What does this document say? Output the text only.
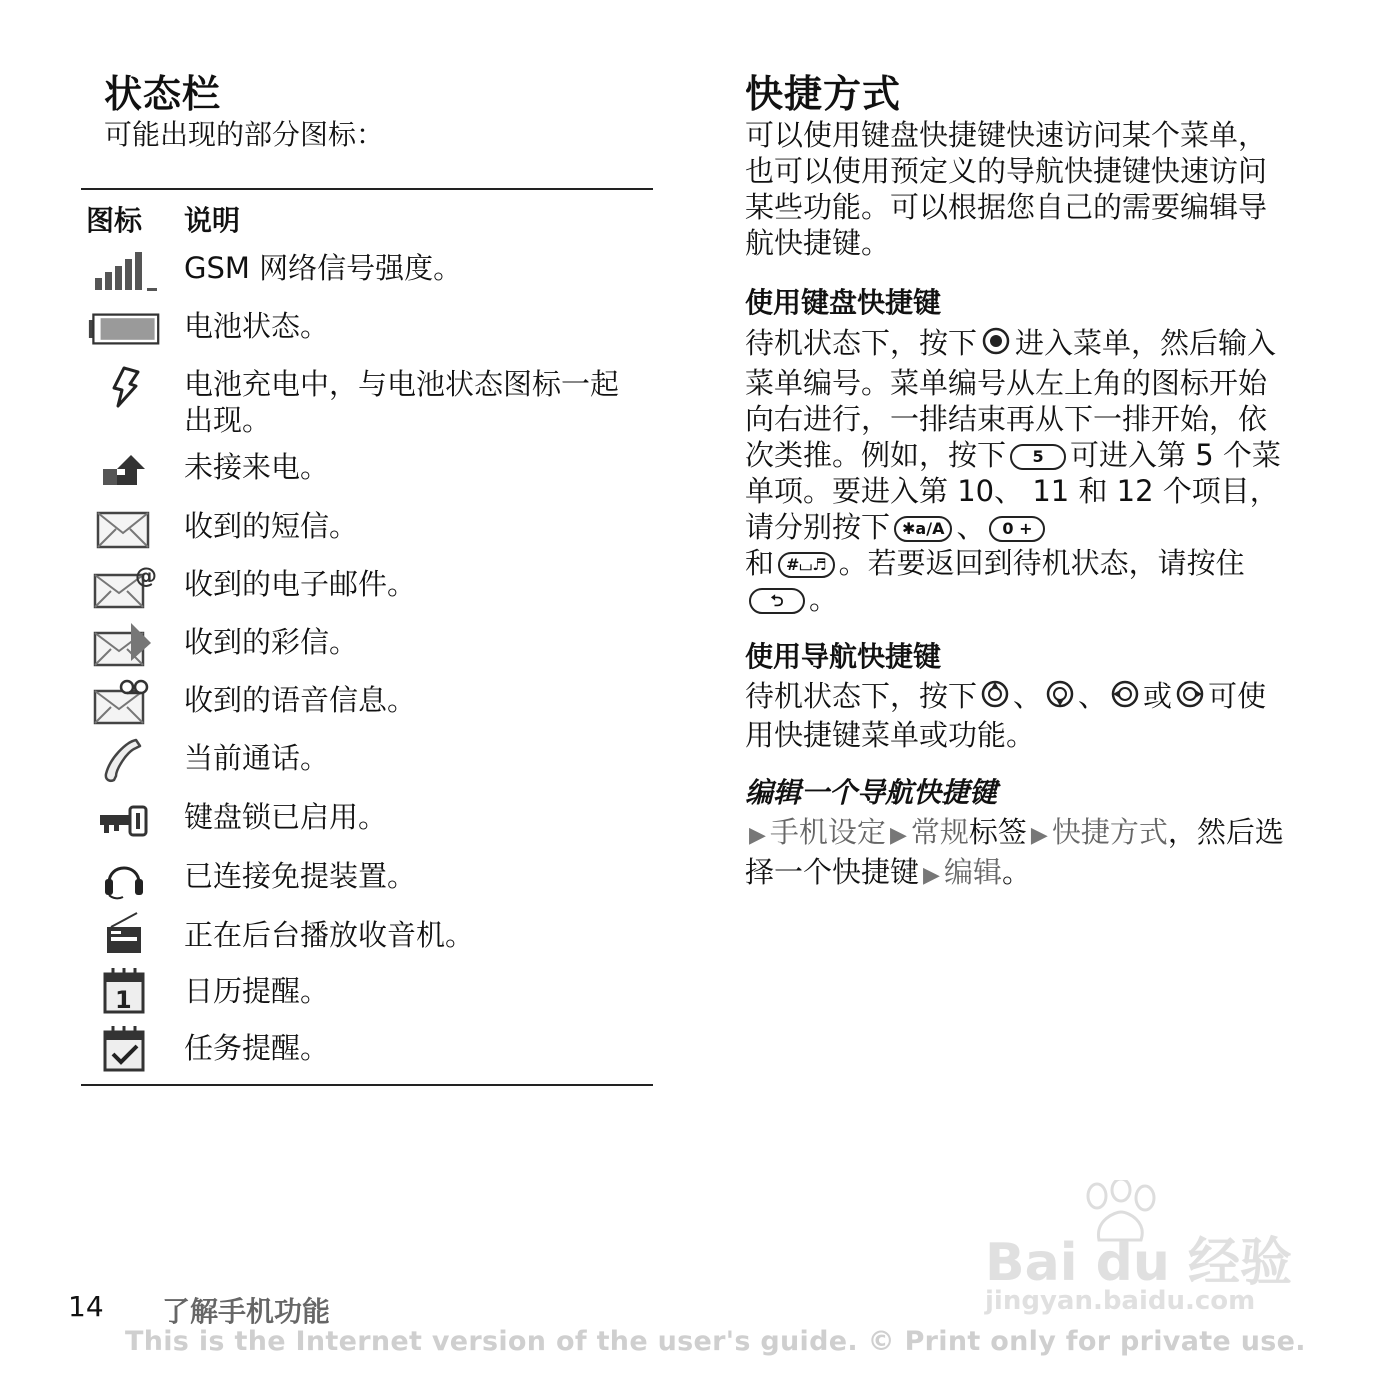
状态栏
可能出现的部分图标：
图标 说明
GSM 网络信号强度。
电池状态。
电池充电中，与电池状态图标一起出现。
未接来电。
收到的短信。
@ 收到的电子邮件。
收到的彩信。
收到的语音信息。
当前通话。
键盘锁已启用。
已连接免提装置。
正在后台播放收音机。
1 日历提醒。
任务提醒。
快捷方式
可以使用键盘快捷键快速访问某个菜单，也可以使用预定义的导航快捷键快速访问某些功能。可以根据您自己的需要编辑导航快捷键。
使用键盘快捷键
待机状态下，按下 进入菜单，然后输入菜单编号。菜单编号从左上角的图标开始向右进行，一排结束再从下一排开始，依次类推。例如，按下 5 可进入第 5 个菜单项。要进入第 10、 11 和 12 个项目，请分别按下 ✱a/A 、 0 +
和 #⌴♬ 。若要返回到待机状态，请按住⮌ 。
使用导航快捷键
待机状态下，按下 、 、 或 可使用快捷键菜单或功能。
编辑一个导航快捷键
▶ 手机设定 ▶ 常规标签 ▶ 快捷方式，然后选择一个快捷键 ▶ 编辑。
Bai du 经验
jingyan.baidu.com
14 了解手机功能
This is the Internet version of the user's guide. © Print only for private use.
